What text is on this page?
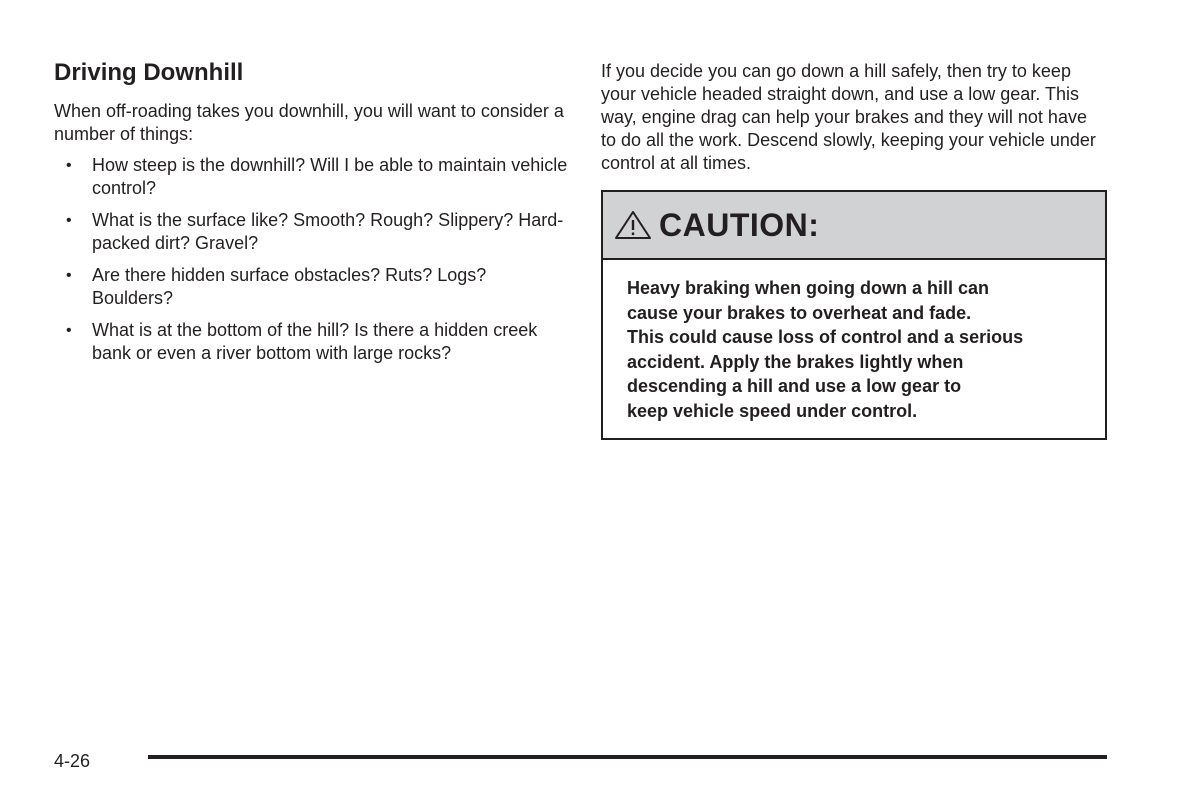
Driving Downhill

When off-roading takes you downhill, you will want to consider a number of things:

• How steep is the downhill? Will I be able to maintain vehicle control?
• What is the surface like? Smooth? Rough? Slippery? Hard-packed dirt? Gravel?
• Are there hidden surface obstacles? Ruts? Logs? Boulders?
• What is at the bottom of the hill? Is there a hidden creek bank or even a river bottom with large rocks?

If you decide you can go down a hill safely, then try to keep your vehicle headed straight down, and use a low gear. This way, engine drag can help your brakes and they will not have to do all the work. Descend slowly, keeping your vehicle under control at all times.

CAUTION:
Heavy braking when going down a hill can
cause your brakes to overheat and fade.
This could cause loss of control and a serious
accident. Apply the brakes lightly when
descending a hill and use a low gear to
keep vehicle speed under control.
4-26
